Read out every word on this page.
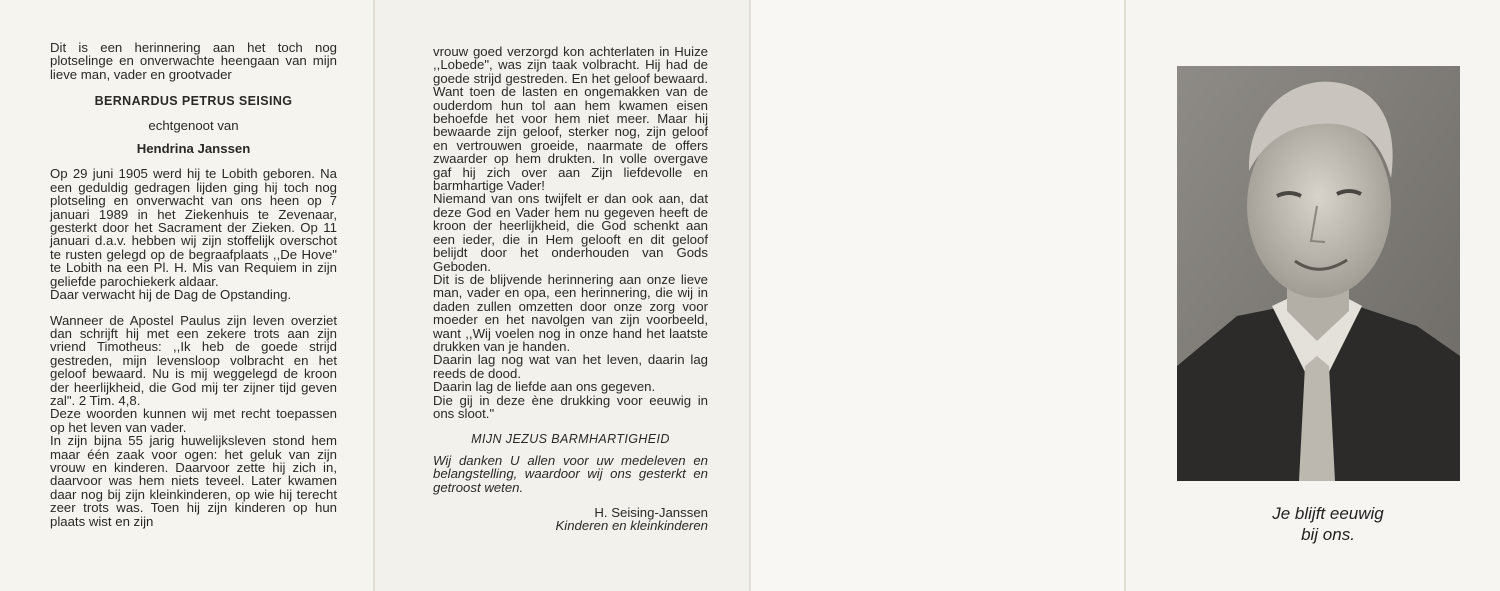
Dit is een herinnering aan het toch nog plotselinge en onverwachte heengaan van mijn lieve man, vader en grootvader

BERNARDUS PETRUS SEISING

echtgenoot van

Hendrina Janssen

Op 29 juni 1905 werd hij te Lobith geboren. Na een geduldig gedragen lijden ging hij toch nog plotseling en onverwacht van ons heen op 7 januari 1989 in het Ziekenhuis te Zevenaar, gesterkt door het Sacrament der Zieken. Op 11 januari d.a.v. hebben wij zijn stoffelijk overschot te rusten gelegd op de begraafplaats ,,De Hove" te Lobith na een Pl. H. Mis van Requiem in zijn geliefde parochiekerk aldaar.

Daar verwacht hij de Dag de Opstanding.

Wanneer de Apostel Paulus zijn leven overziet dan schrijft hij met een zekere trots aan zijn vriend Timotheus: ,,Ik heb de goede strijd gestreden, mijn levensloop volbracht en het geloof bewaard. Nu is mij weggelegd de kroon der heerlijkheid, die God mij ter zijner tijd geven zal". 2 Tim. 4,8.

Deze woorden kunnen wij met recht toepassen op het leven van vader.

In zijn bijna 55 jarig huwelijksleven stond hem maar één zaak voor ogen: het geluk van zijn vrouw en kinderen. Daarvoor zette hij zich in, daarvoor was hem niets teveel. Later kwamen daar nog bij zijn kleinkinderen, op wie hij terecht zeer trots was. Toen hij zijn kinderen op hun plaats wist en zijn

vrouw goed verzorgd kon achterlaten in Huize ,,Lobede", was zijn taak volbracht. Hij had de goede strijd gestreden. En het geloof bewaard. Want toen de lasten en ongemakken van de ouderdom hun tol aan hem kwamen eisen behoefde het voor hem niet meer. Maar hij bewaarde zijn geloof, sterker nog, zijn geloof en vertrouwen groeide, naarmate de offers zwaarder op hem drukten. In volle overgave gaf hij zich over aan Zijn liefdevolle en barmhartige Vader!

Niemand van ons twijfelt er dan ook aan, dat deze God en Vader hem nu gegeven heeft de kroon der heerlijkheid, die God schenkt aan een ieder, die in Hem gelooft en dit geloof belijdt door het onderhouden van Gods Geboden.

Dit is de blijvende herinnering aan onze lieve man, vader en opa, een herinnering, die wij in daden zullen omzetten door onze zorg voor moeder en het navolgen van zijn voorbeeld, want ,,Wij voelen nog in onze hand het laatste drukken van je handen.

Daarin lag nog wat van het leven, daarin lag reeds de dood.

Daarin lag de liefde aan ons gegeven.

Die gij in deze ène drukking voor eeuwig in ons sloot."

MIJN JEZUS BARMHARTIGHEID

Wij danken U allen voor uw medeleven en belangstelling, waardoor wij ons gesterkt en getroost weten.

H. Seising-Janssen

Kinderen en kleinkinderen

Je blijft eeuwig
bij ons.
